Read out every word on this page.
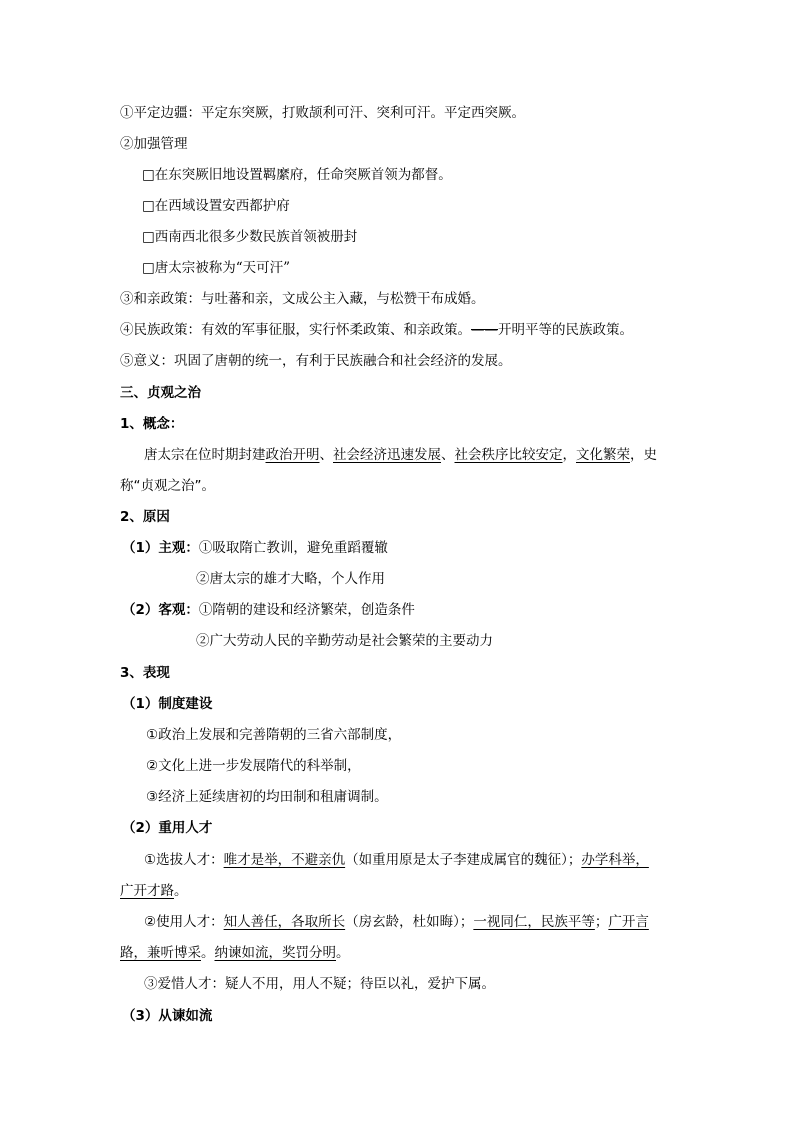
①平定边疆：平定东突厥，打败颉利可汗、突利可汗。平定西突厥。
②加强管理
□在东突厥旧地设置羁縻府，任命突厥首领为都督。
□在西域设置安西都护府
□西南西北很多少数民族首领被册封
□唐太宗被称为“天可汗”
③和亲政策：与吐蕃和亲，文成公主入藏，与松赞干布成婚。
④民族政策：有效的军事征服，实行怀柔政策、和亲政策。——开明平等的民族政策。
⑤意义：巩固了唐朝的统一，有利于民族融合和社会经济的发展。
三、贞观之治
1、概念：
唐太宗在位时期封建政治开明、社会经济迅速发展、社会秩序比较安定，文化繁荣，史
称“贞观之治”。
2、原因
（1）主观：①吸取隋亡教训，避免重蹈覆辙
②唐太宗的雄才大略，个人作用
（2）客观：①隋朝的建设和经济繁荣，创造条件
②广大劳动人民的辛勤劳动是社会繁荣的主要动力
3、表现
（1）制度建设
①政治上发展和完善隋朝的三省六部制度，
②文化上进一步发展隋代的科举制，
③经济上延续唐初的均田制和租庸调制。
（2）重用人才
①选拔人才：唯才是举，不避亲仇（如重用原是太子李建成属官的魏征）；办学科举，
广开才路。
②使用人才：知人善任，各取所长（房玄龄，杜如晦）；一视同仁，民族平等；广开言
路，兼听博采。纳谏如流，奖罚分明。
③爱惜人才：疑人不用，用人不疑；待臣以礼，爱护下属。
（3）从谏如流
